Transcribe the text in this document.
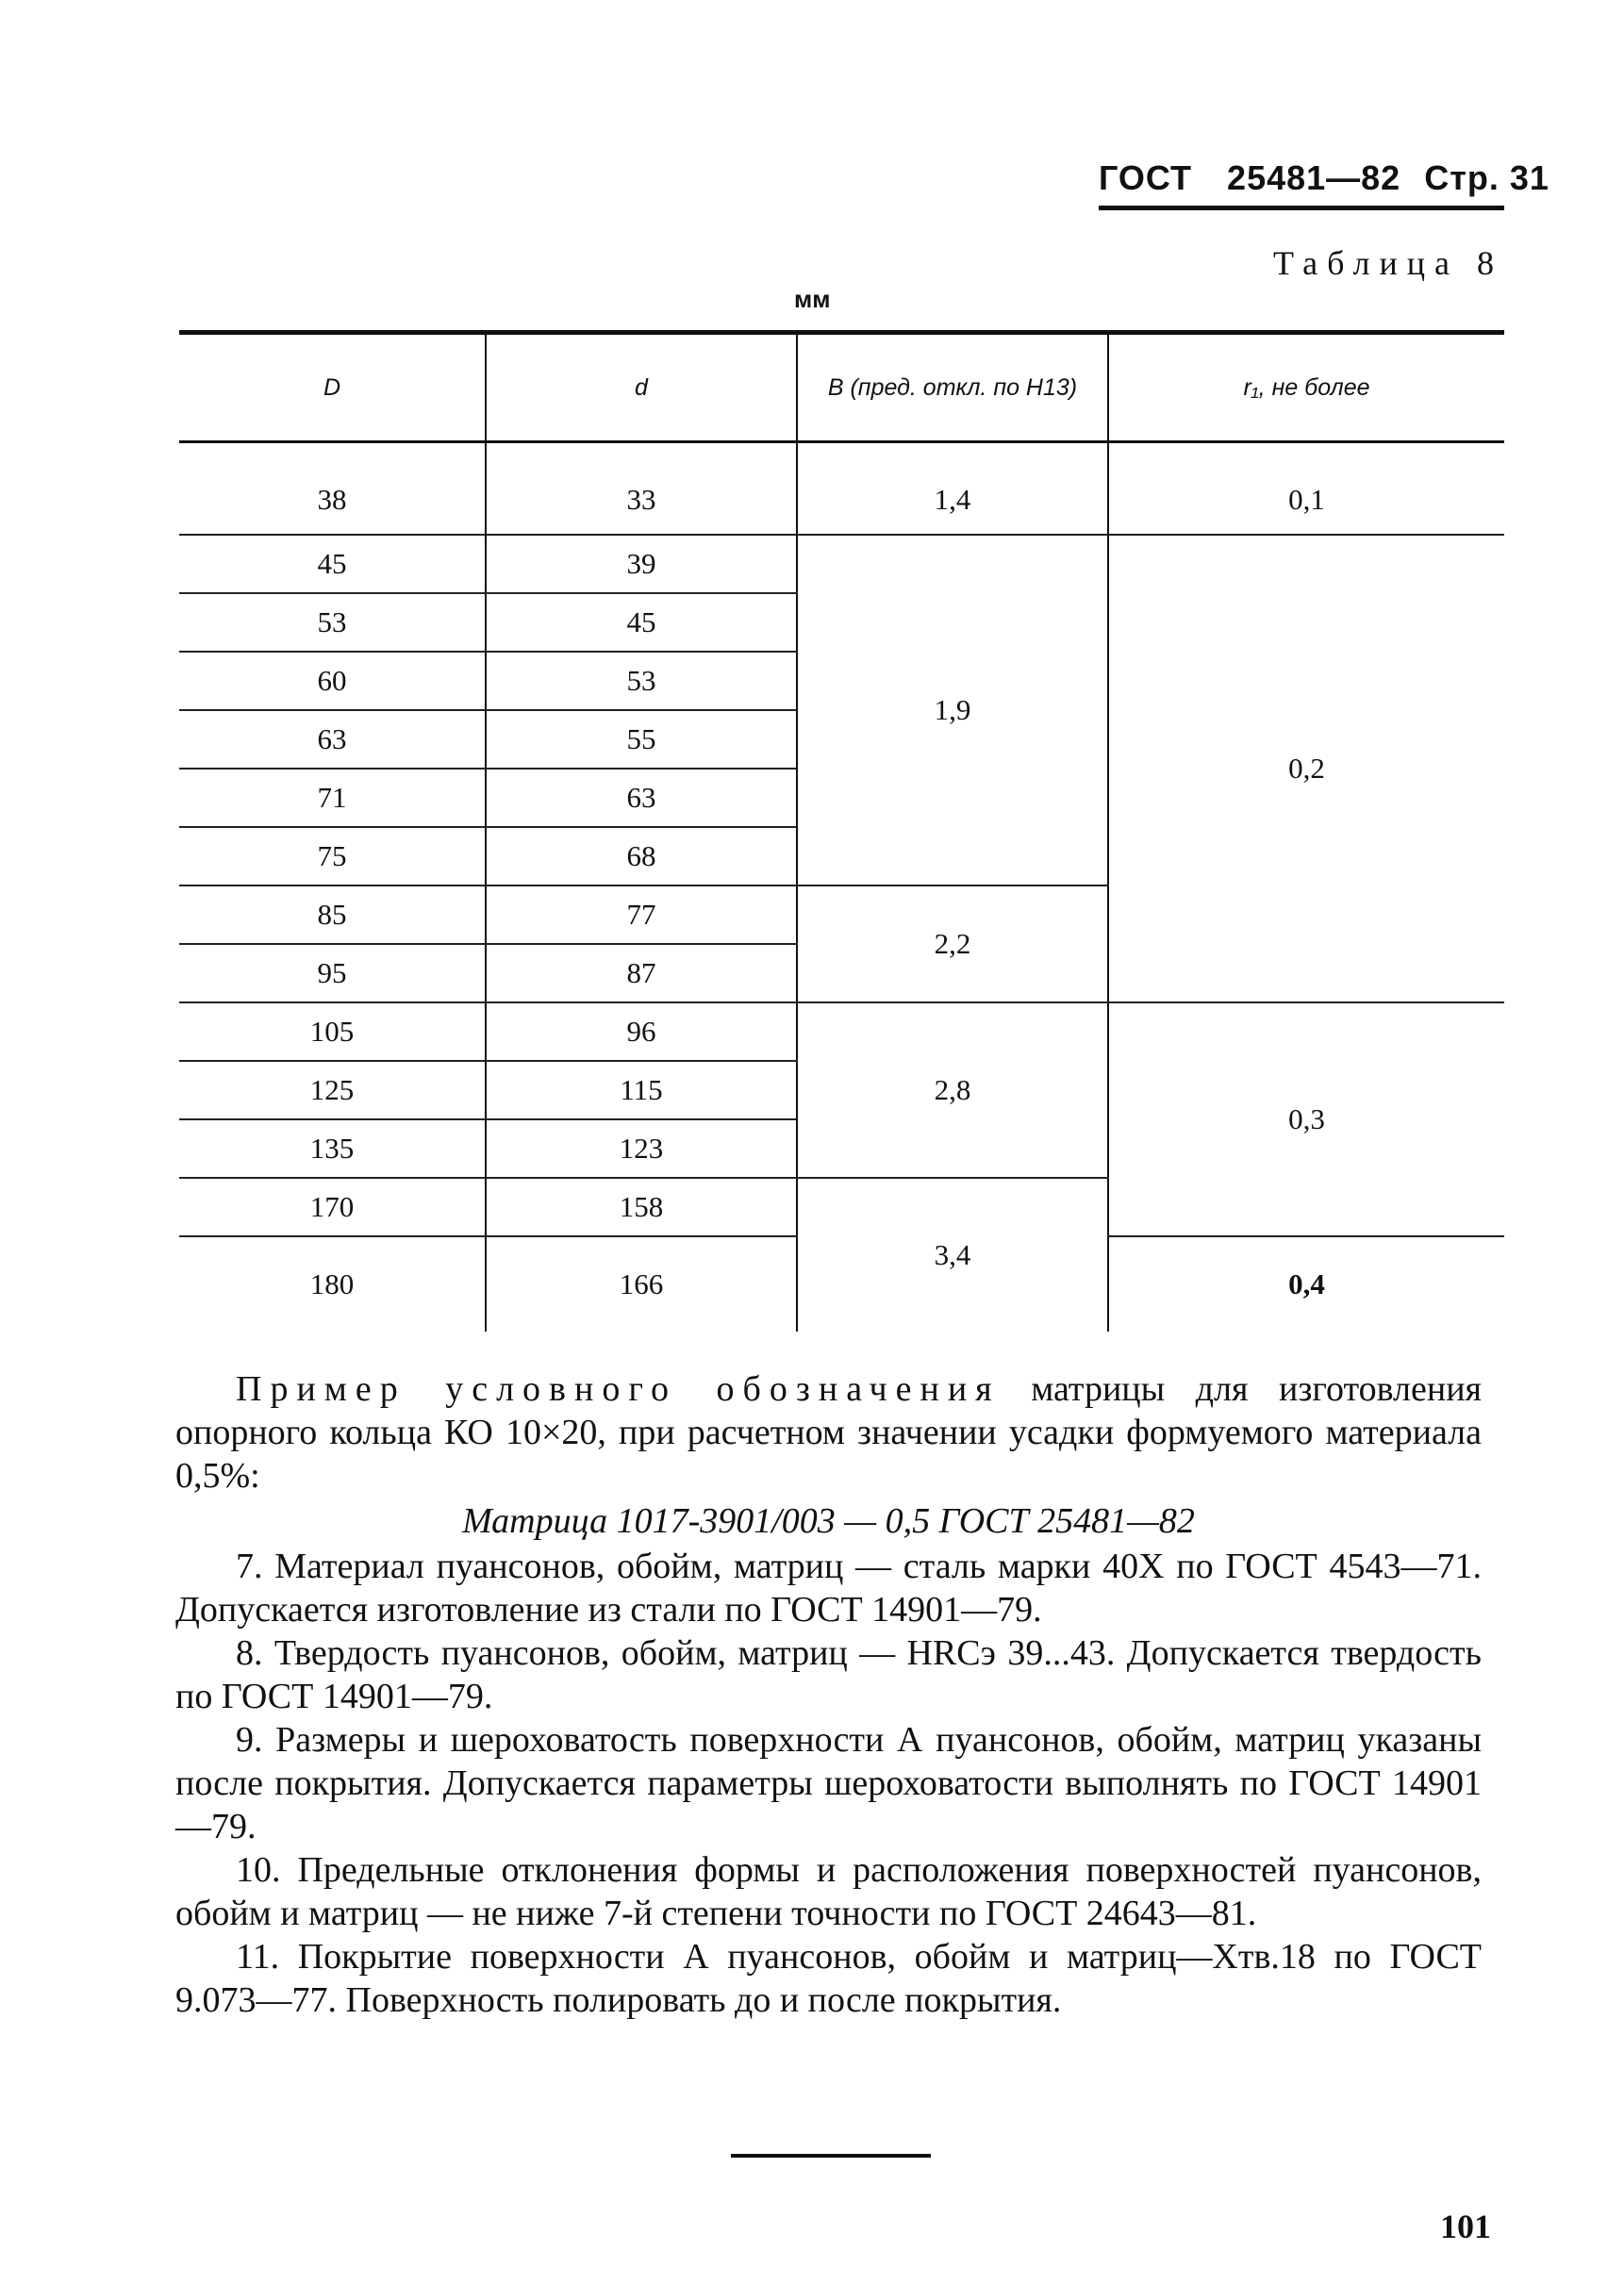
ГОСТ 25481—82 Стр. 31
Таблица 8
мм
D	d	B (пред. откл. по H13)	r₁, не более
38	33	1,4	0,1
45	39	1,9	0,2
53	45		
60	53		
63	55		
71	63		
75	68		
85	77	2,2	
95	87		
105	96	2,8	0,3
125	115		
135	123		
170	158	3,4	
180	166		0,4

Пример условного обозначения матрицы для изготовления опорного кольца КО 10×20, при расчетном значении усадки формуемого материала 0,5%:

Матрица 1017-3901/003 — 0,5 ГОСТ 25481—82

7. Материал пуансонов, обойм, матриц — сталь марки 40Х по ГОСТ 4543—71. Допускается изготовление из стали по ГОСТ 14901—79.

8. Твердость пуансонов, обойм, матриц — HRCэ 39...43. Допускается твердость по ГОСТ 14901—79.

9. Размеры и шероховатость поверхности А пуансонов, обойм, матриц указаны после покрытия. Допускается параметры шероховатости выполнять по ГОСТ 14901—79.

10. Предельные отклонения формы и расположения поверхностей пуансонов, обойм и матриц — не ниже 7-й степени точности по ГОСТ 24643—81.

11. Покрытие поверхности А пуансонов, обойм и матриц—Хтв.18 по ГОСТ 9.073—77. Поверхность полировать до и после покрытия.

101
